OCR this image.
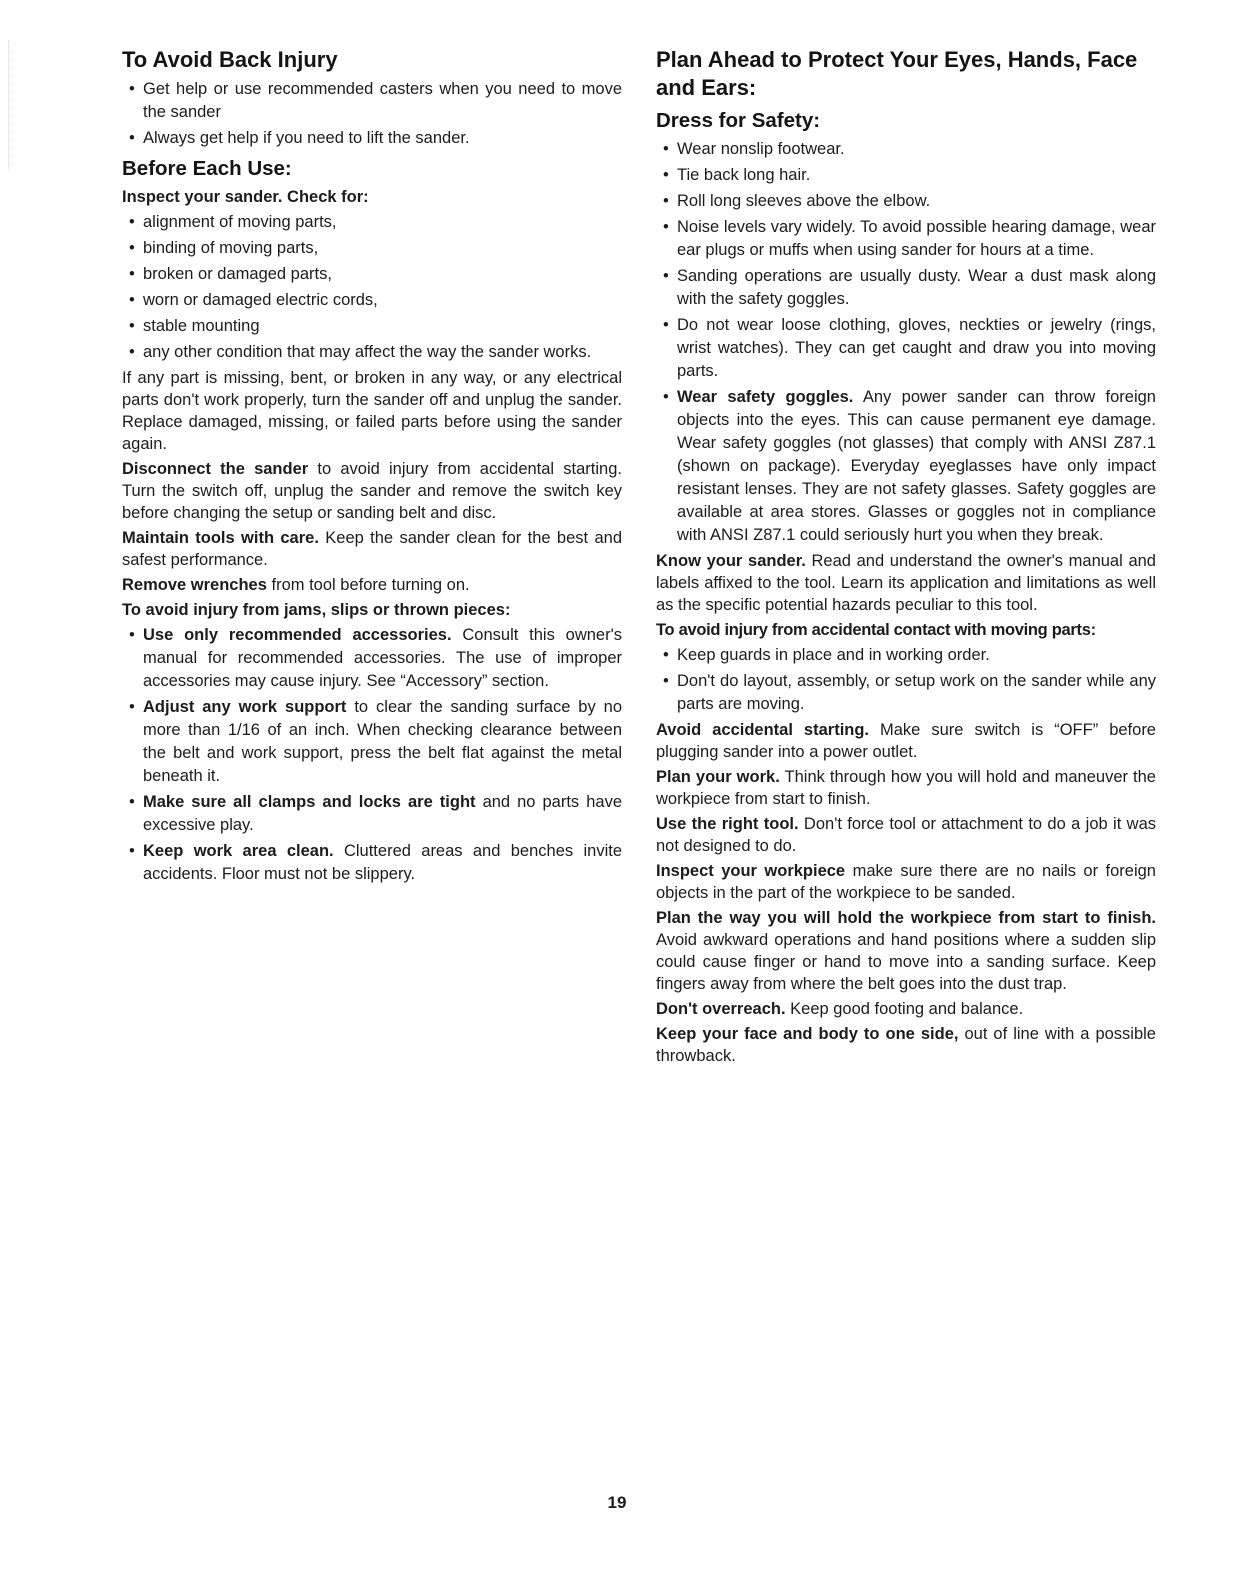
To Avoid Back Injury
• Get help or use recommended casters when you need to move the sander
• Always get help if you need to lift the sander.
Before Each Use:
Inspect your sander. Check for:
• alignment of moving parts,
• binding of moving parts,
• broken or damaged parts,
• worn or damaged electric cords,
• stable mounting
• any other condition that may affect the way the sander works.

If any part is missing, bent, or broken in any way, or any electrical parts don't work properly, turn the sander off and unplug the sander. Replace damaged, missing, or failed parts before using the sander again.

Disconnect the sander to avoid injury from accidental starting. Turn the switch off, unplug the sander and remove the switch key before changing the setup or sanding belt and disc.

Maintain tools with care. Keep the sander clean for the best and safest performance.

Remove wrenches from tool before turning on.

To avoid injury from jams, slips or thrown pieces:
• Use only recommended accessories. Consult this owner's manual for recommended accessories. The use of improper accessories may cause injury. See “Accessory” section.
• Adjust any work support to clear the sanding surface by no more than 1/16 of an inch. When checking clearance between the belt and work support, press the belt flat against the metal beneath it.
• Make sure all clamps and locks are tight and no parts have excessive play.
• Keep work area clean. Cluttered areas and benches invite accidents. Floor must not be slippery.
Plan Ahead to Protect Your Eyes, Hands, Face and Ears:
Dress for Safety:
• Wear nonslip footwear.
• Tie back long hair.
• Roll long sleeves above the elbow.
• Noise levels vary widely. To avoid possible hearing damage, wear ear plugs or muffs when using sander for hours at a time.
• Sanding operations are usually dusty. Wear a dust mask along with the safety goggles.
• Do not wear loose clothing, gloves, neckties or jewelry (rings, wrist watches). They can get caught and draw you into moving parts.
• Wear safety goggles. Any power sander can throw foreign objects into the eyes. This can cause permanent eye damage. Wear safety goggles (not glasses) that comply with ANSI Z87.1 (shown on package). Everyday eyeglasses have only impact resistant lenses. They are not safety glasses. Safety goggles are available at area stores. Glasses or goggles not in compliance with ANSI Z87.1 could seriously hurt you when they break.

Know your sander. Read and understand the owner's manual and labels affixed to the tool. Learn its application and limitations as well as the specific potential hazards peculiar to this tool.

To avoid injury from accidental contact with moving parts:
• Keep guards in place and in working order.
• Don't do layout, assembly, or setup work on the sander while any parts are moving.

Avoid accidental starting. Make sure switch is “OFF” before plugging sander into a power outlet.

Plan your work. Think through how you will hold and maneuver the workpiece from start to finish.

Use the right tool. Don't force tool or attachment to do a job it was not designed to do.

Inspect your workpiece make sure there are no nails or foreign objects in the part of the workpiece to be sanded.

Plan the way you will hold the workpiece from start to finish. Avoid awkward operations and hand positions where a sudden slip could cause finger or hand to move into a sanding surface. Keep fingers away from where the belt goes into the dust trap.

Don't overreach. Keep good footing and balance.

Keep your face and body to one side, out of line with a possible throwback.

19
